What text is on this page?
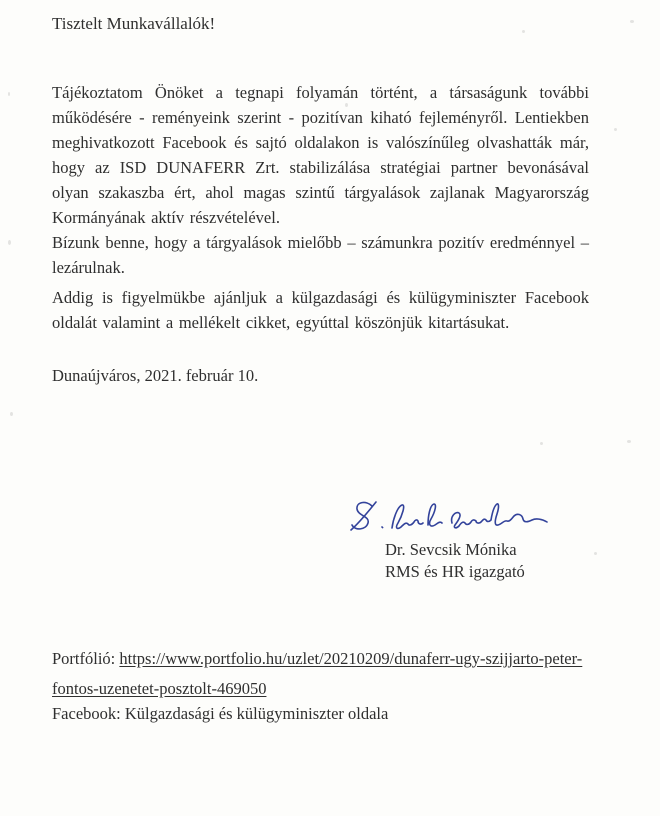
Tisztelt Munkavállalók!

Tájékoztatom Önöket a tegnapi folyamán történt, a társaságunk további működésére - reményeink szerint - pozitívan kiható fejleményről. Lentiekben meghivatkozott Facebook és sajtó oldalakon is valószínűleg olvashatták már, hogy az ISD DUNAFERR Zrt. stabilizálása stratégiai partner bevonásával olyan szakaszba ért, ahol magas szintű tárgyalások zajlanak Magyarország Kormányának aktív részvételével.

Bízunk benne, hogy a tárgyalások mielőbb – számunkra pozitív eredménnyel – lezárulnak.

Addig is figyelmükbe ajánljuk a külgazdasági és külügyminiszter Facebook oldalát valamint a mellékelt cikket, egyúttal köszönjük kitartásukat.

Dunaújváros, 2021. február 10.
Dr. Sevcsik Mónika
RMS és HR igazgató

Portfólió: https://www.portfolio.hu/uzlet/20210209/dunaferr-ugy-szijjarto-peter-fontos-uzenetet-posztolt-469050

Facebook: Külgazdasági és külügyminiszter oldala
